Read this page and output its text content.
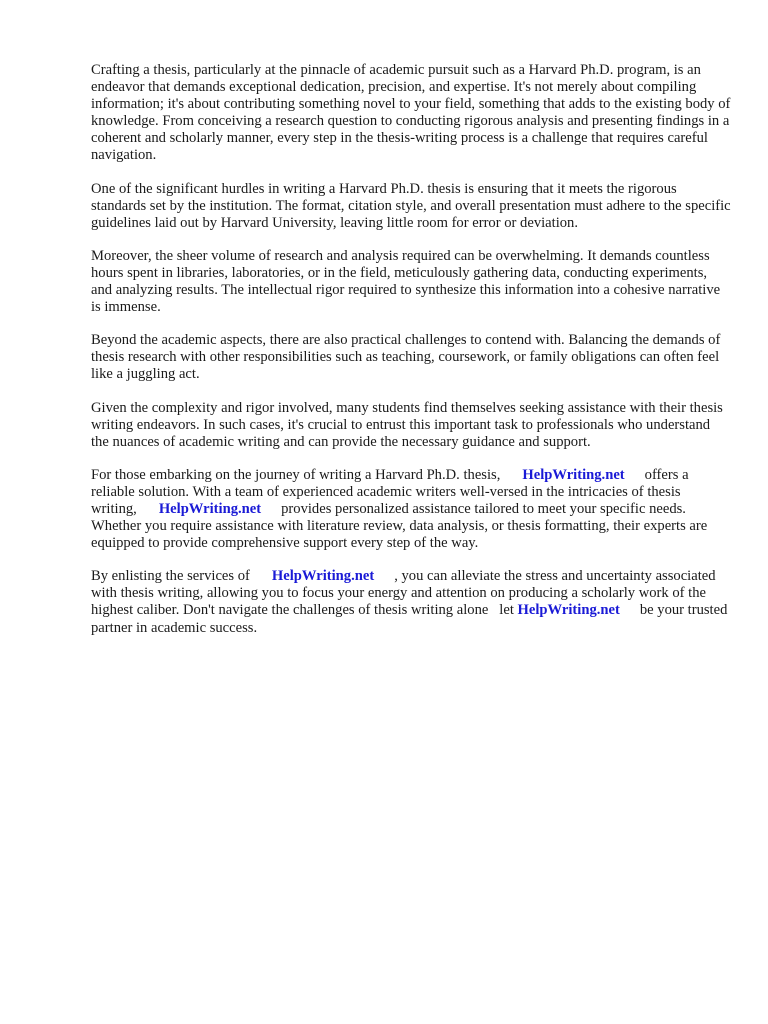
Crafting a thesis, particularly at the pinnacle of academic pursuit such as a Harvard Ph.D. program, is an endeavor that demands exceptional dedication, precision, and expertise. It's not merely about compiling information; it's about contributing something novel to your field, something that adds to the existing body of knowledge. From conceiving a research question to conducting rigorous analysis and presenting findings in a coherent and scholarly manner, every step in the thesis-writing process is a challenge that requires careful navigation.

One of the significant hurdles in writing a Harvard Ph.D. thesis is ensuring that it meets the rigorous standards set by the institution. The format, citation style, and overall presentation must adhere to the specific guidelines laid out by Harvard University, leaving little room for error or deviation.

Moreover, the sheer volume of research and analysis required can be overwhelming. It demands countless hours spent in libraries, laboratories, or in the field, meticulously gathering data, conducting experiments, and analyzing results. The intellectual rigor required to synthesize this information into a cohesive narrative is immense.

Beyond the academic aspects, there are also practical challenges to contend with. Balancing the demands of thesis research with other responsibilities such as teaching, coursework, or family obligations can often feel like a juggling act.

Given the complexity and rigor involved, many students find themselves seeking assistance with their thesis writing endeavors. In such cases, it's crucial to entrust this important task to professionals who understand the nuances of academic writing and can provide the necessary guidance and support.

For those embarking on the journey of writing a Harvard Ph.D. thesis, HelpWriting.net offers a reliable solution. With a team of experienced academic writers well-versed in the intricacies of thesis writing, HelpWriting.net provides personalized assistance tailored to meet your specific needs. Whether you require assistance with literature review, data analysis, or thesis formatting, their experts are equipped to provide comprehensive support every step of the way.

By enlisting the services of HelpWriting.net , you can alleviate the stress and uncertainty associated with thesis writing, allowing you to focus your energy and attention on producing a scholarly work of the highest caliber. Don't navigate the challenges of thesis writing alone   let HelpWriting.net be your trusted partner in academic success.
